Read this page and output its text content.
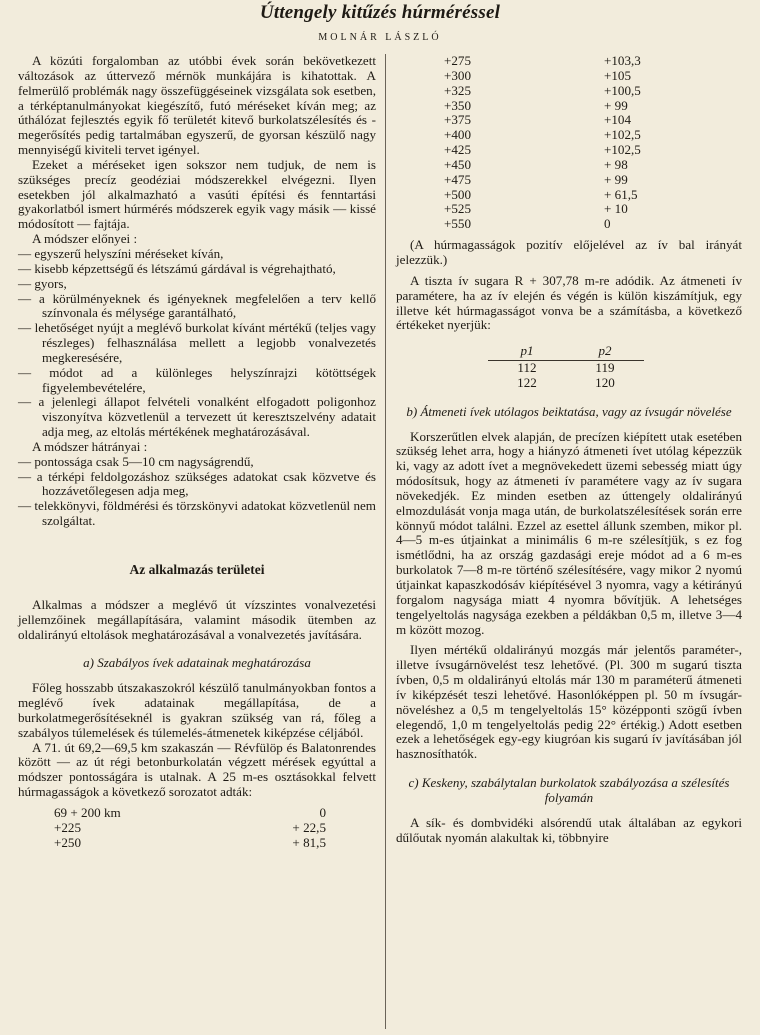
Úttengely kitűzés húrméréssel
MOLNÁR LÁSZLÓ

A közúti forgalomban az utóbbi évek során bekövetkezett változások az úttervező mérnök munkájára is kihatottak. A felmerülő problémák nagy összefüggéseinek vizsgálata sok esetben, a térképtanulmányokat kiegészítő, futó méréseket kíván meg; az úthálózat fejlesztés egyik fő területét kitevő burkolatszélesítés és -megerősítés pedig tartalmában egyszerű, de gyorsan készülő nagy mennyiségű kiviteli tervet igényel.

Ezeket a méréseket igen sokszor nem tudjuk, de nem is szükséges precíz geodéziai módszerekkel elvégezni. Ilyen esetekben jól alkalmazható a vasúti építési és fenntartási gyakorlatból ismert húrmérés módszerek egyik vagy másik — kissé módosított — fajtája.

A módszer előnyei :

— egyszerű helyszíni méréseket kíván,

— kisebb képzettségű és létszámú gárdával is végrehajtható,

— gyors,

— a körülményeknek és igényeknek megfelelően a terv kellő színvonala és mélysége garantálható,

— lehetőséget nyújt a meglévő burkolat kívánt mértékű (teljes vagy részleges) felhasználása mellett a legjobb vonalvezetés megkeresésére,

— módot ad a különleges helyszínrajzi kötöttségek figyelembevételére,

— a jelenlegi állapot felvételi vonalként elfogadott poligonhoz viszonyítva közvetlenül a tervezett út keresztszelvény adatait adja meg, az eltolás mértékének meghatározásával.

A módszer hátrányai :

— pontossága csak 5—10 cm nagyságrendű,

— a térképi feldolgozáshoz szükséges adatokat csak közvetve és hozzávetőlegesen adja meg,

— telekkönyvi, földmérési és törzskönyvi adatokat közvetlenül nem szolgáltat.

Az alkalmazás területei

Alkalmas a módszer a meglévő út vízszintes vonalvezetési jellemzőinek megállapítására, valamint második ütemben az oldalirányú eltolások meghatározásával a vonalvezetés javítására.

a) Szabályos ívek adatainak meghatározása

Főleg hosszabb útszakaszokról készülő tanulmányokban fontos a meglévő ívek adatainak megállapítása, de a burkolatmegerősítéseknél is gyakran szükség van rá, főleg a szabályos túlemelések és túlemelés-átmenetek kiképzése céljából.

A 71. út 69,2—69,5 km szakaszán — Révfülöp és Balatonrendes között — az út régi betonburkolatán végzett mérések egyúttal a módszer pontosságára is utalnak. A 25 m-es osztásokkal felvett húrmagasságok a következő sorozatot adták:

69 + 200 km	0
+225	+ 22,5
+250	+ 81,5
+275	+103,3
+300	+105
+325	+100,5
+350	+ 99
+375	+104
+400	+102,5
+425	+102,5
+450	+ 98
+475	+ 99
+500	+ 61,5
+525	+ 10
+550	0

(A húrmagasságok pozitív előjelével az ív bal irányát jelezzük.)

A tiszta ív sugara R + 307,78 m-re adódik. Az átmeneti ív paramétere, ha az ív elején és végén is külön kiszámítjuk, egy illetve két húrmagasságot vonva be a számításba, a következő értékeket nyerjük:

p1	p2
112	119
122	120
b) Átmeneti ívek utólagos beiktatása, vagy az ívsugár növelése

Korszerűtlen elvek alapján, de precízen kiépített utak esetében szükség lehet arra, hogy a hiányzó átmeneti ívet utólag képezzük ki, vagy az adott ívet a megnövekedett üzemi sebesség miatt úgy módosítsuk, hogy az átmeneti ív paramétere vagy az ív sugara növekedjék. Ez minden esetben az úttengely oldalirányú elmozdulását vonja maga után, de burkolatszélesítések során erre könnyű módot találni. Ezzel az esettel állunk szemben, mikor pl. 4—5 m-es útjainkat a minimális 6 m-re szélesítjük, s ez fog ismétlődni, ha az ország gazdasági ereje módot ad a 6 m-es burkolatok 7—8 m-re történő szélesítésére, vagy mikor 2 nyomú útjainkat kapaszkodósáv kiépítésével 3 nyomra, vagy a kétirányú forgalom nagysága miatt 4 nyomra bővítjük. A lehetséges tengelyeltolás nagysága ezekben a példákban 0,5 m, illetve 3—4 m között mozog.

Ilyen mértékű oldalirányú mozgás már jelentős paraméter-, illetve ívsugárnövelést tesz lehetővé. (Pl. 300 m sugarú tiszta ívben, 0,5 m oldalirányú eltolás már 130 m paraméterű átmeneti ív kiképzését teszi lehetővé. Hasonlóképpen pl. 50 m ívsugár-növeléshez a 0,5 m tengelyeltolás 15° középponti szögű ívben elegendő, 1,0 m tengelyeltolás pedig 22° értékig.) Adott esetben ezek a lehetőségek egy-egy kiugróan kis sugarú ív javításában jól hasznosíthatók.

c) Keskeny, szabálytalan burkolatok szabályozása a szélesítés folyamán

A sík- és dombvidéki alsórendű utak általában az egykori dűlőutak nyomán alakultak ki, többnyire
